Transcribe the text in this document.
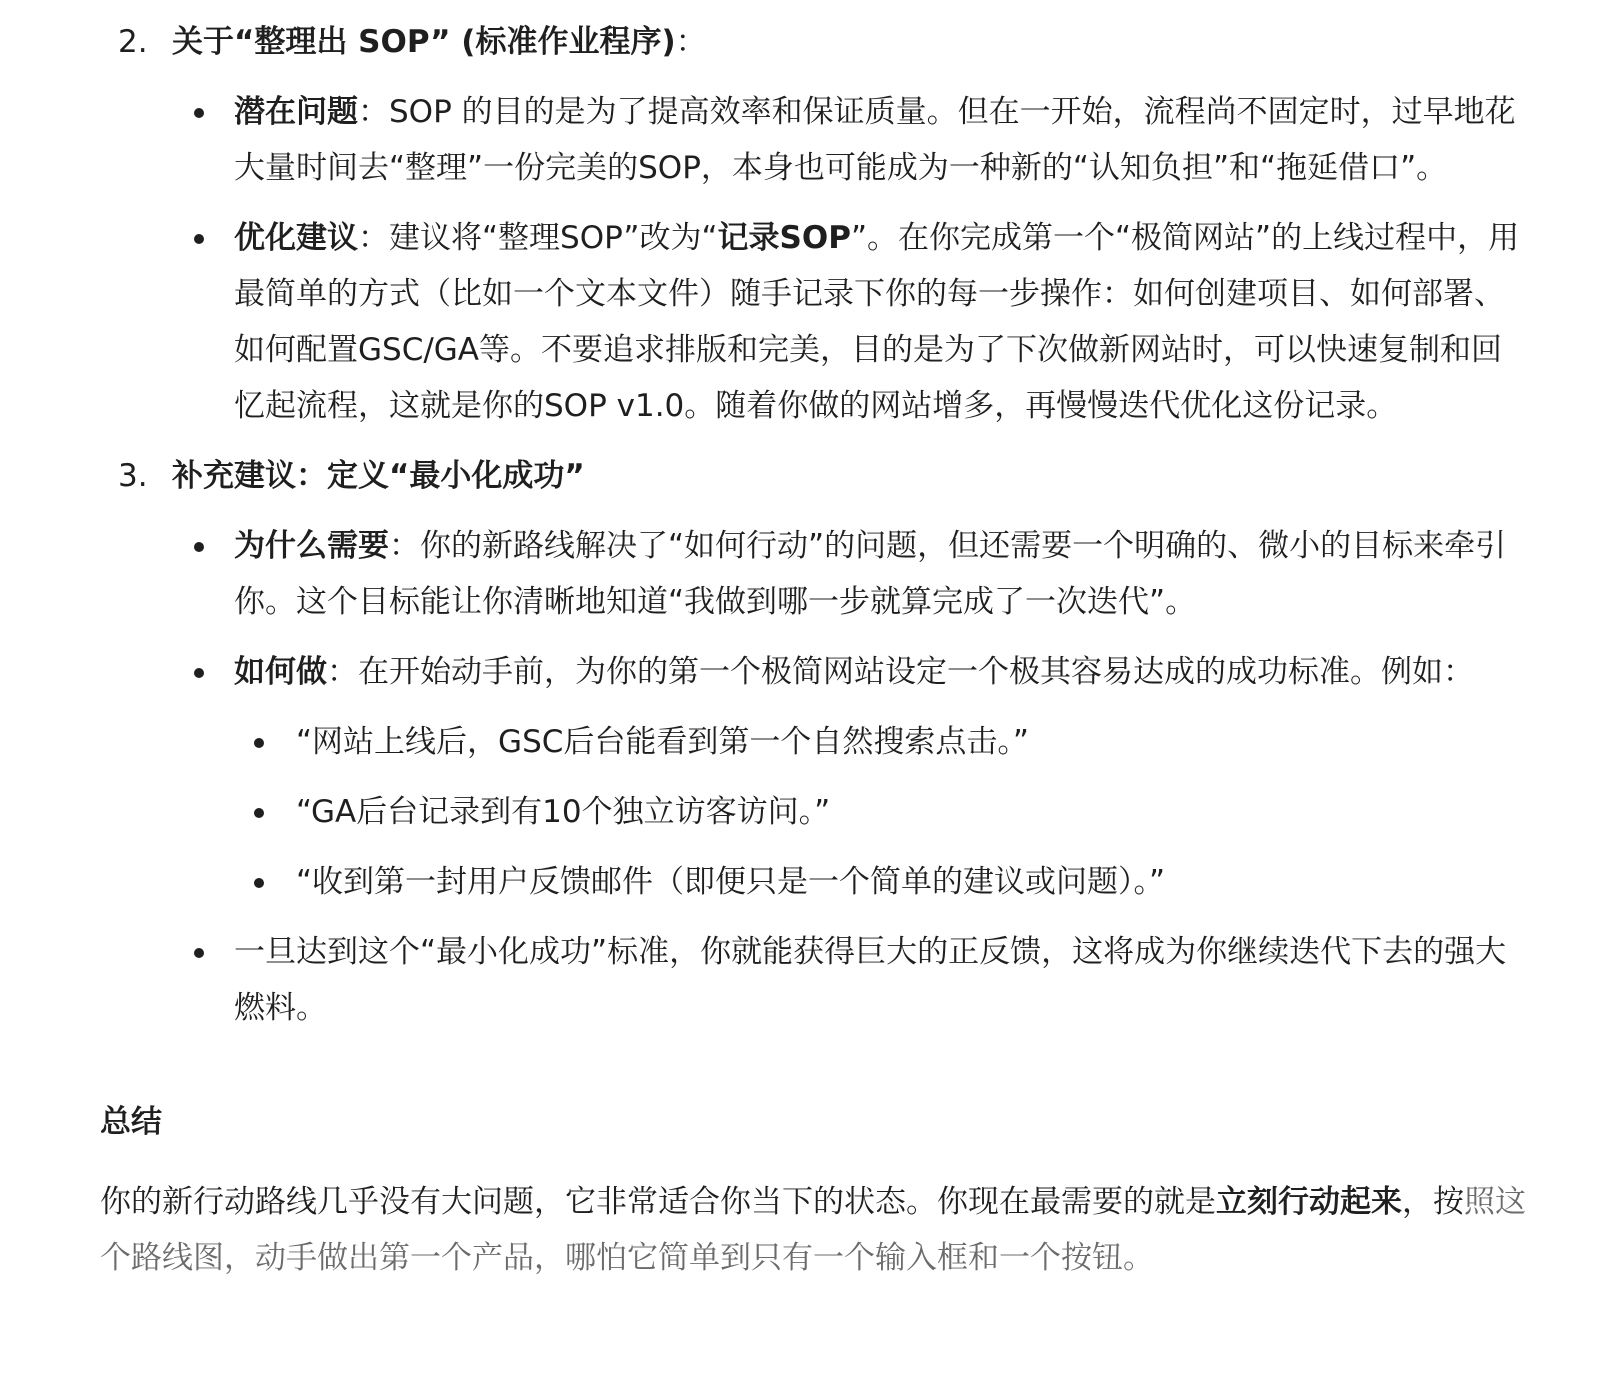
2. 关于“整理出 SOP” (标准作业程序)：
潜在问题：SOP 的目的是为了提高效率和保证质量。但在一开始，流程尚不固定时，过早地花大量时间去“整理”一份完美的SOP，本身也可能成为一种新的“认知负担”和“拖延借口”。
优化建议：建议将“整理SOP”改为“记录SOP”。在你完成第一个“极简网站”的上线过程中，用最简单的方式（比如一个文本文件）随手记录下你的每一步操作：如何创建项目、如何部署、如何配置GSC/GA等。不要追求排版和完美，目的是为了下次做新网站时，可以快速复制和回忆起流程，这就是你的SOP v1.0。随着你做的网站增多，再慢慢迭代优化这份记录。
3. 补充建议：定义“最小化成功”
为什么需要：你的新路线解决了“如何行动”的问题，但还需要一个明确的、微小的目标来牵引你。这个目标能让你清晰地知道“我做到哪一步就算完成了一次迭代”。
如何做：在开始动手前，为你的第一个极简网站设定一个极其容易达成的成功标准。例如：
“网站上线后，GSC后台能看到第一个自然搜索点击。”
“GA后台记录到有10个独立访客访问。”
“收到第一封用户反馈邮件（即便只是一个简单的建议或问题）。”
一旦达到这个“最小化成功”标准，你就能获得巨大的正反馈，这将成为你继续迭代下去的强大燃料。
总结

你的新行动路线几乎没有大问题，它非常适合你当下的状态。你现在最需要的就是立刻行动起来，按照这个路线图，动手做出第一个产品，哪怕它简单到只有一个输入框和一个按钮。
